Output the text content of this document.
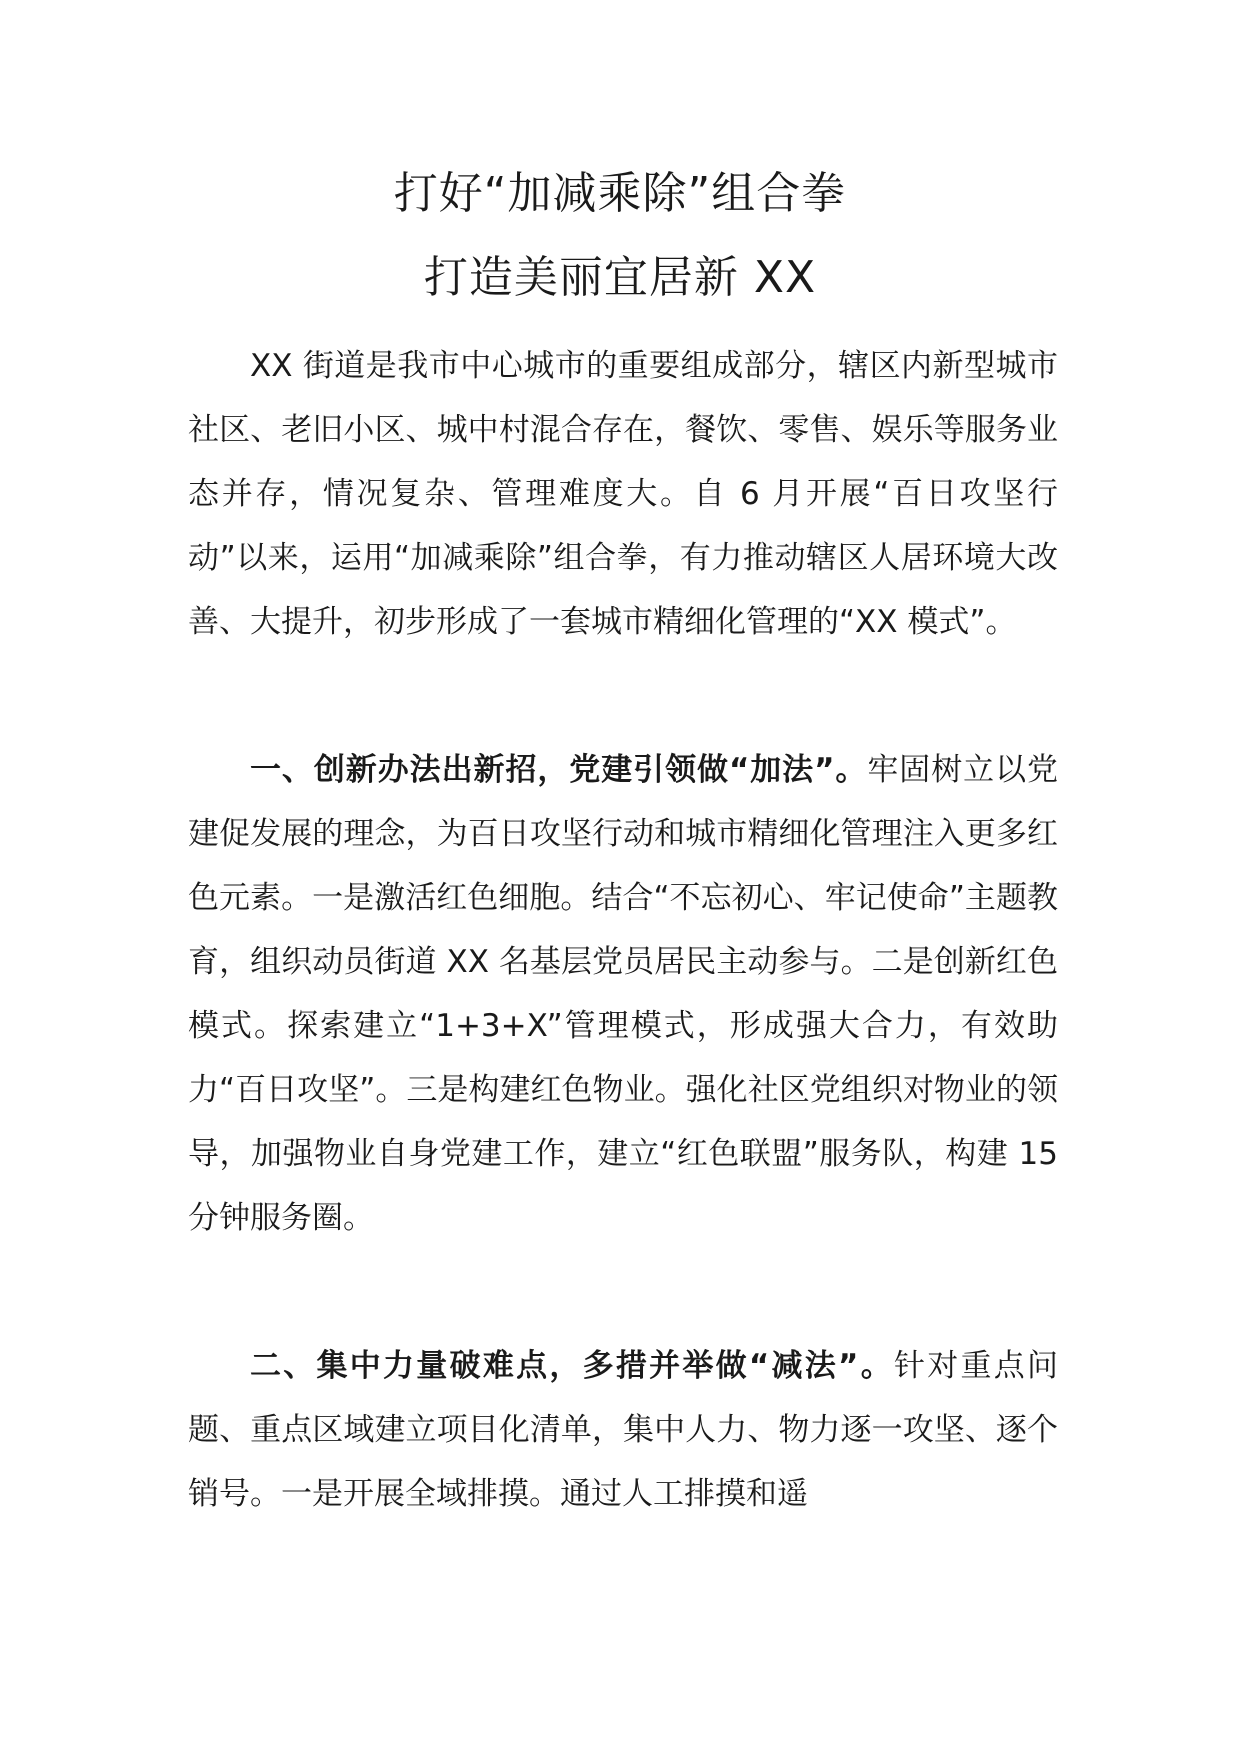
打好“加减乘除”组合拳
打造美丽宜居新 XX

XX 街道是我市中心城市的重要组成部分，辖区内新型城市社区、老旧小区、城中村混合存在，餐饮、零售、娱乐等服务业态并存，情况复杂、管理难度大。自 6 月开展“百日攻坚行动”以来，运用“加减乘除”组合拳，有力推动辖区人居环境大改善、大提升，初步形成了一套城市精细化管理的“XX 模式”。

一、创新办法出新招，党建引领做“加法”。牢固树立以党建促发展的理念，为百日攻坚行动和城市精细化管理注入更多红色元素。一是激活红色细胞。结合“不忘初心、牢记使命”主题教育，组织动员街道 XX 名基层党员居民主动参与。二是创新红色模式。探索建立“1+3+X”管理模式，形成强大合力，有效助力“百日攻坚”。三是构建红色物业。强化社区党组织对物业的领导，加强物业自身党建工作，建立“红色联盟”服务队，构建 15 分钟服务圈。

二、集中力量破难点，多措并举做“减法”。针对重点问题、重点区域建立项目化清单，集中人力、物力逐一攻坚、逐个销号。一是开展全域排摸。通过人工排摸和遥
